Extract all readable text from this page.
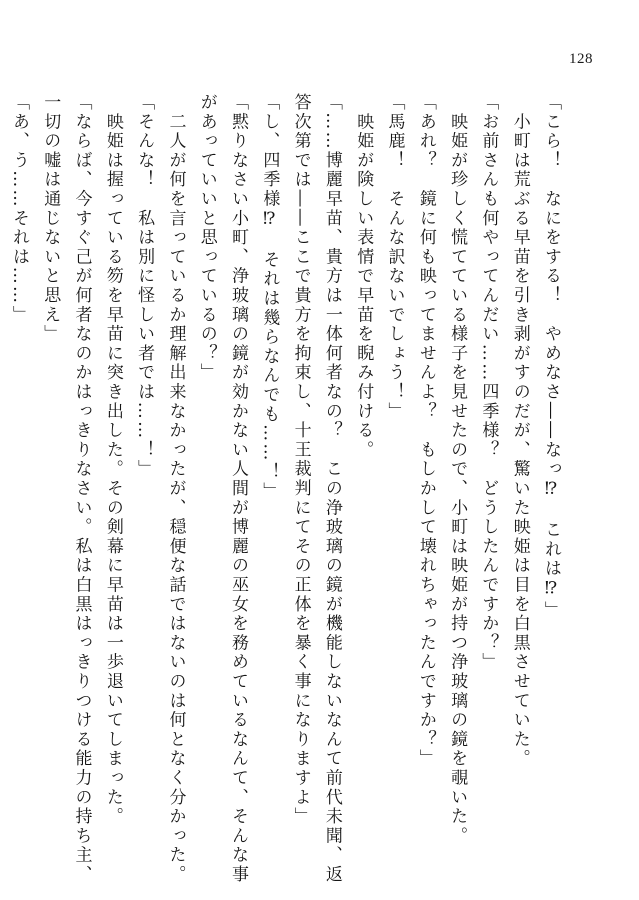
128
「こら！　なにをする！　やめなさ――なっ⁉　これは⁉」
　小町は荒ぶる早苗を引き剥がすのだが、驚いた映姫は目を白黒させていた。
「お前さんも何やってんだい……四季様？　どうしたんですか？」
　映姫が珍しく慌てている様子を見せたので、小町は映姫が持つ浄玻璃の鏡を覗いた。
「あれ？　鏡に何も映ってませんよ？　もしかして壊れちゃったんですか？」
「馬鹿！　そんな訳ないでしょう！」
　映姫が険しい表情で早苗を睨み付ける。
「……博麗早苗、貴方は一体何者なの？　この浄玻璃の鏡が機能しないなんて前代未聞、返
答次第では――ここで貴方を拘束し、十王裁判にてその正体を暴く事になりますよ」
「し、四季様⁉　それは幾らなんでも……！」
「黙りなさい小町、浄玻璃の鏡が効かない人間が博麗の巫女を務めているなんて、そんな事
があっていいと思っているの？」
　二人が何を言っているか理解出来なかったが、穏便な話ではないのは何となく分かった。
「そんな！　私は別に怪しい者では……！」
　映姫は握っている笏を早苗に突き出した。その剣幕に早苗は一歩退いてしまった。
「ならば、今すぐ己が何者なのかはっきりなさい。私は白黒はっきりつける能力の持ち主、
一切の嘘は通じないと思え」
「あ、う……それは……」
